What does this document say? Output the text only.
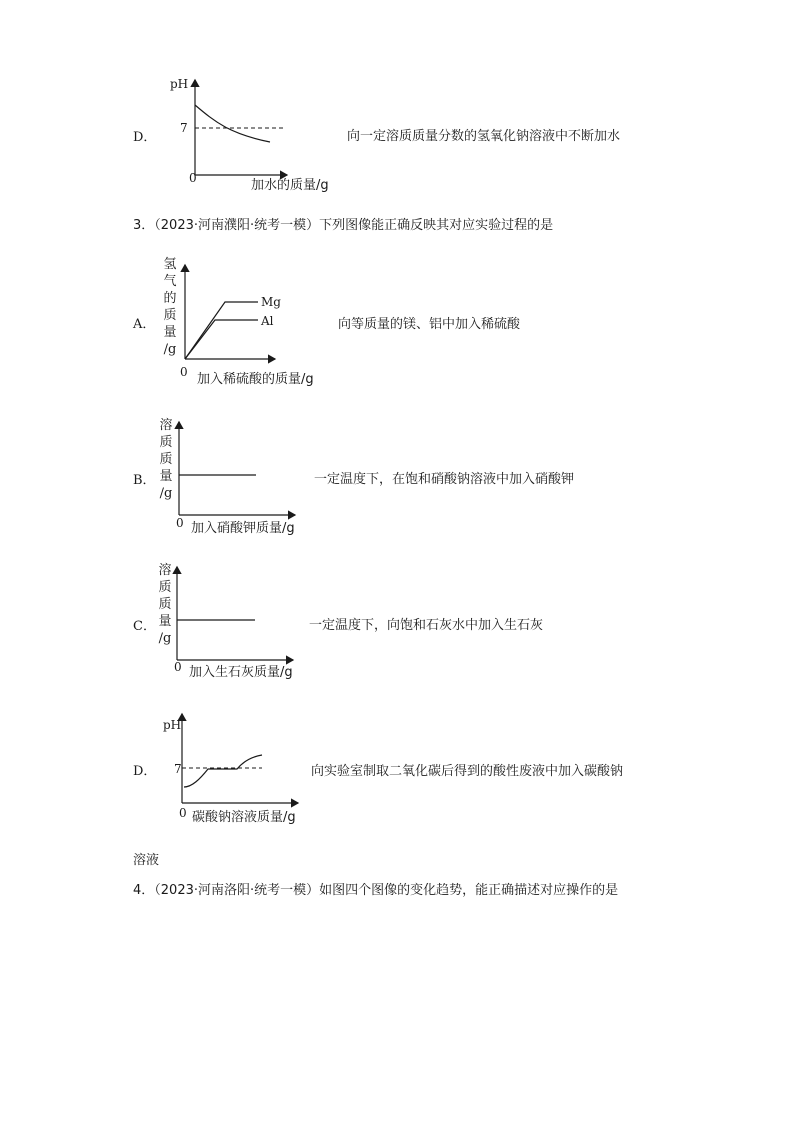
D．
pH
7
0	加水的质量/g
向一定溶质质量分数的氢氧化钠溶液中不断加水
3．（2023·河南濮阳·统考一模）下列图像能正确反映其对应实验过程的是
A．
氢
气
的
质
量
/g
Mg
Al
0 加入稀硫酸的质量/g
向等质量的镁、铝中加入稀硫酸
B．
溶
质
质
量
/g
0 加入硝酸钾质量/g
一定温度下，在饱和硝酸钠溶液中加入硝酸钾
C．
溶
质
质
量
/g
0 加入生石灰质量/g
一定温度下，向饱和石灰水中加入生石灰
D．
pH
7
0 碳酸钠溶液质量/g
向实验室制取二氧化碳后得到的酸性废液中加入碳酸钠
溶液
4．（2023·河南洛阳·统考一模）如图四个图像的变化趋势，能正确描述对应操作的是
